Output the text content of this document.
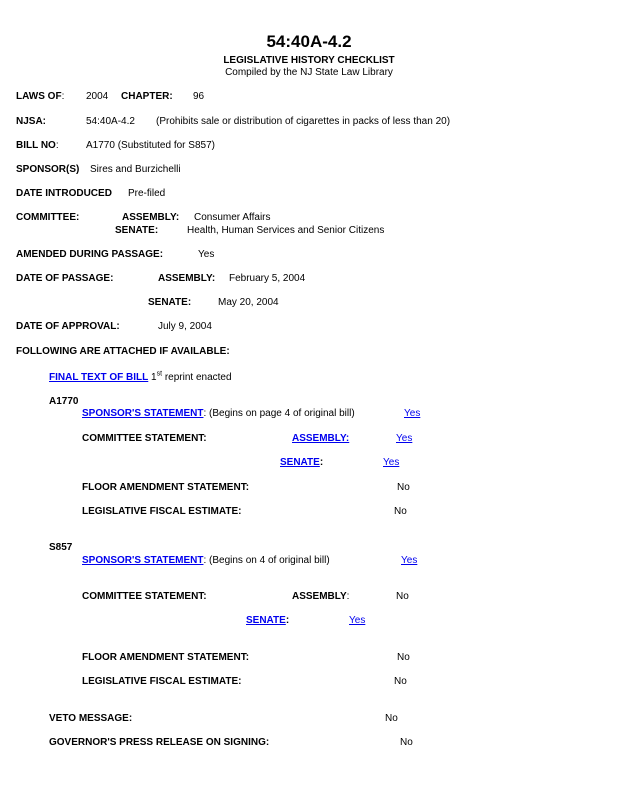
54:40A-4.2
LEGISLATIVE HISTORY CHECKLIST
Compiled by the NJ State Law Library
LAWS OF: 2004 CHAPTER: 96
NJSA:	54:40A-4.2 (Prohibits sale or distribution of cigarettes in packs of less than 20)
BILL NO:	A1770 (Substituted for S857)
SPONSOR(S) Sires and Burzichelli
DATE INTRODUCED Pre-filed
COMMITTEE:	ASSEMBLY: Consumer Affairs
SENATE:	Health, Human Services and Senior Citizens
AMENDED DURING PASSAGE:	Yes
DATE OF PASSAGE:	ASSEMBLY: February 5, 2004
SENATE:	May 20, 2004
DATE OF APPROVAL:	July 9, 2004
FOLLOWING ARE ATTACHED IF AVAILABLE:
FINAL TEXT OF BILL 1st reprint enacted
A1770
SPONSOR'S STATEMENT: (Begins on page 4 of original bill)	Yes
COMMITTEE STATEMENT:	ASSEMBLY:	Yes
SENATE:	Yes
FLOOR AMENDMENT STATEMENT:	No
LEGISLATIVE FISCAL ESTIMATE:	No
S857
SPONSOR'S STATEMENT: (Begins on 4 of original bill)	Yes
COMMITTEE STATEMENT:	ASSEMBLY:	No
SENATE:	Yes
FLOOR AMENDMENT STATEMENT:	No
LEGISLATIVE FISCAL ESTIMATE:	No
VETO MESSAGE:	No
GOVERNOR'S PRESS RELEASE ON SIGNING:	No
